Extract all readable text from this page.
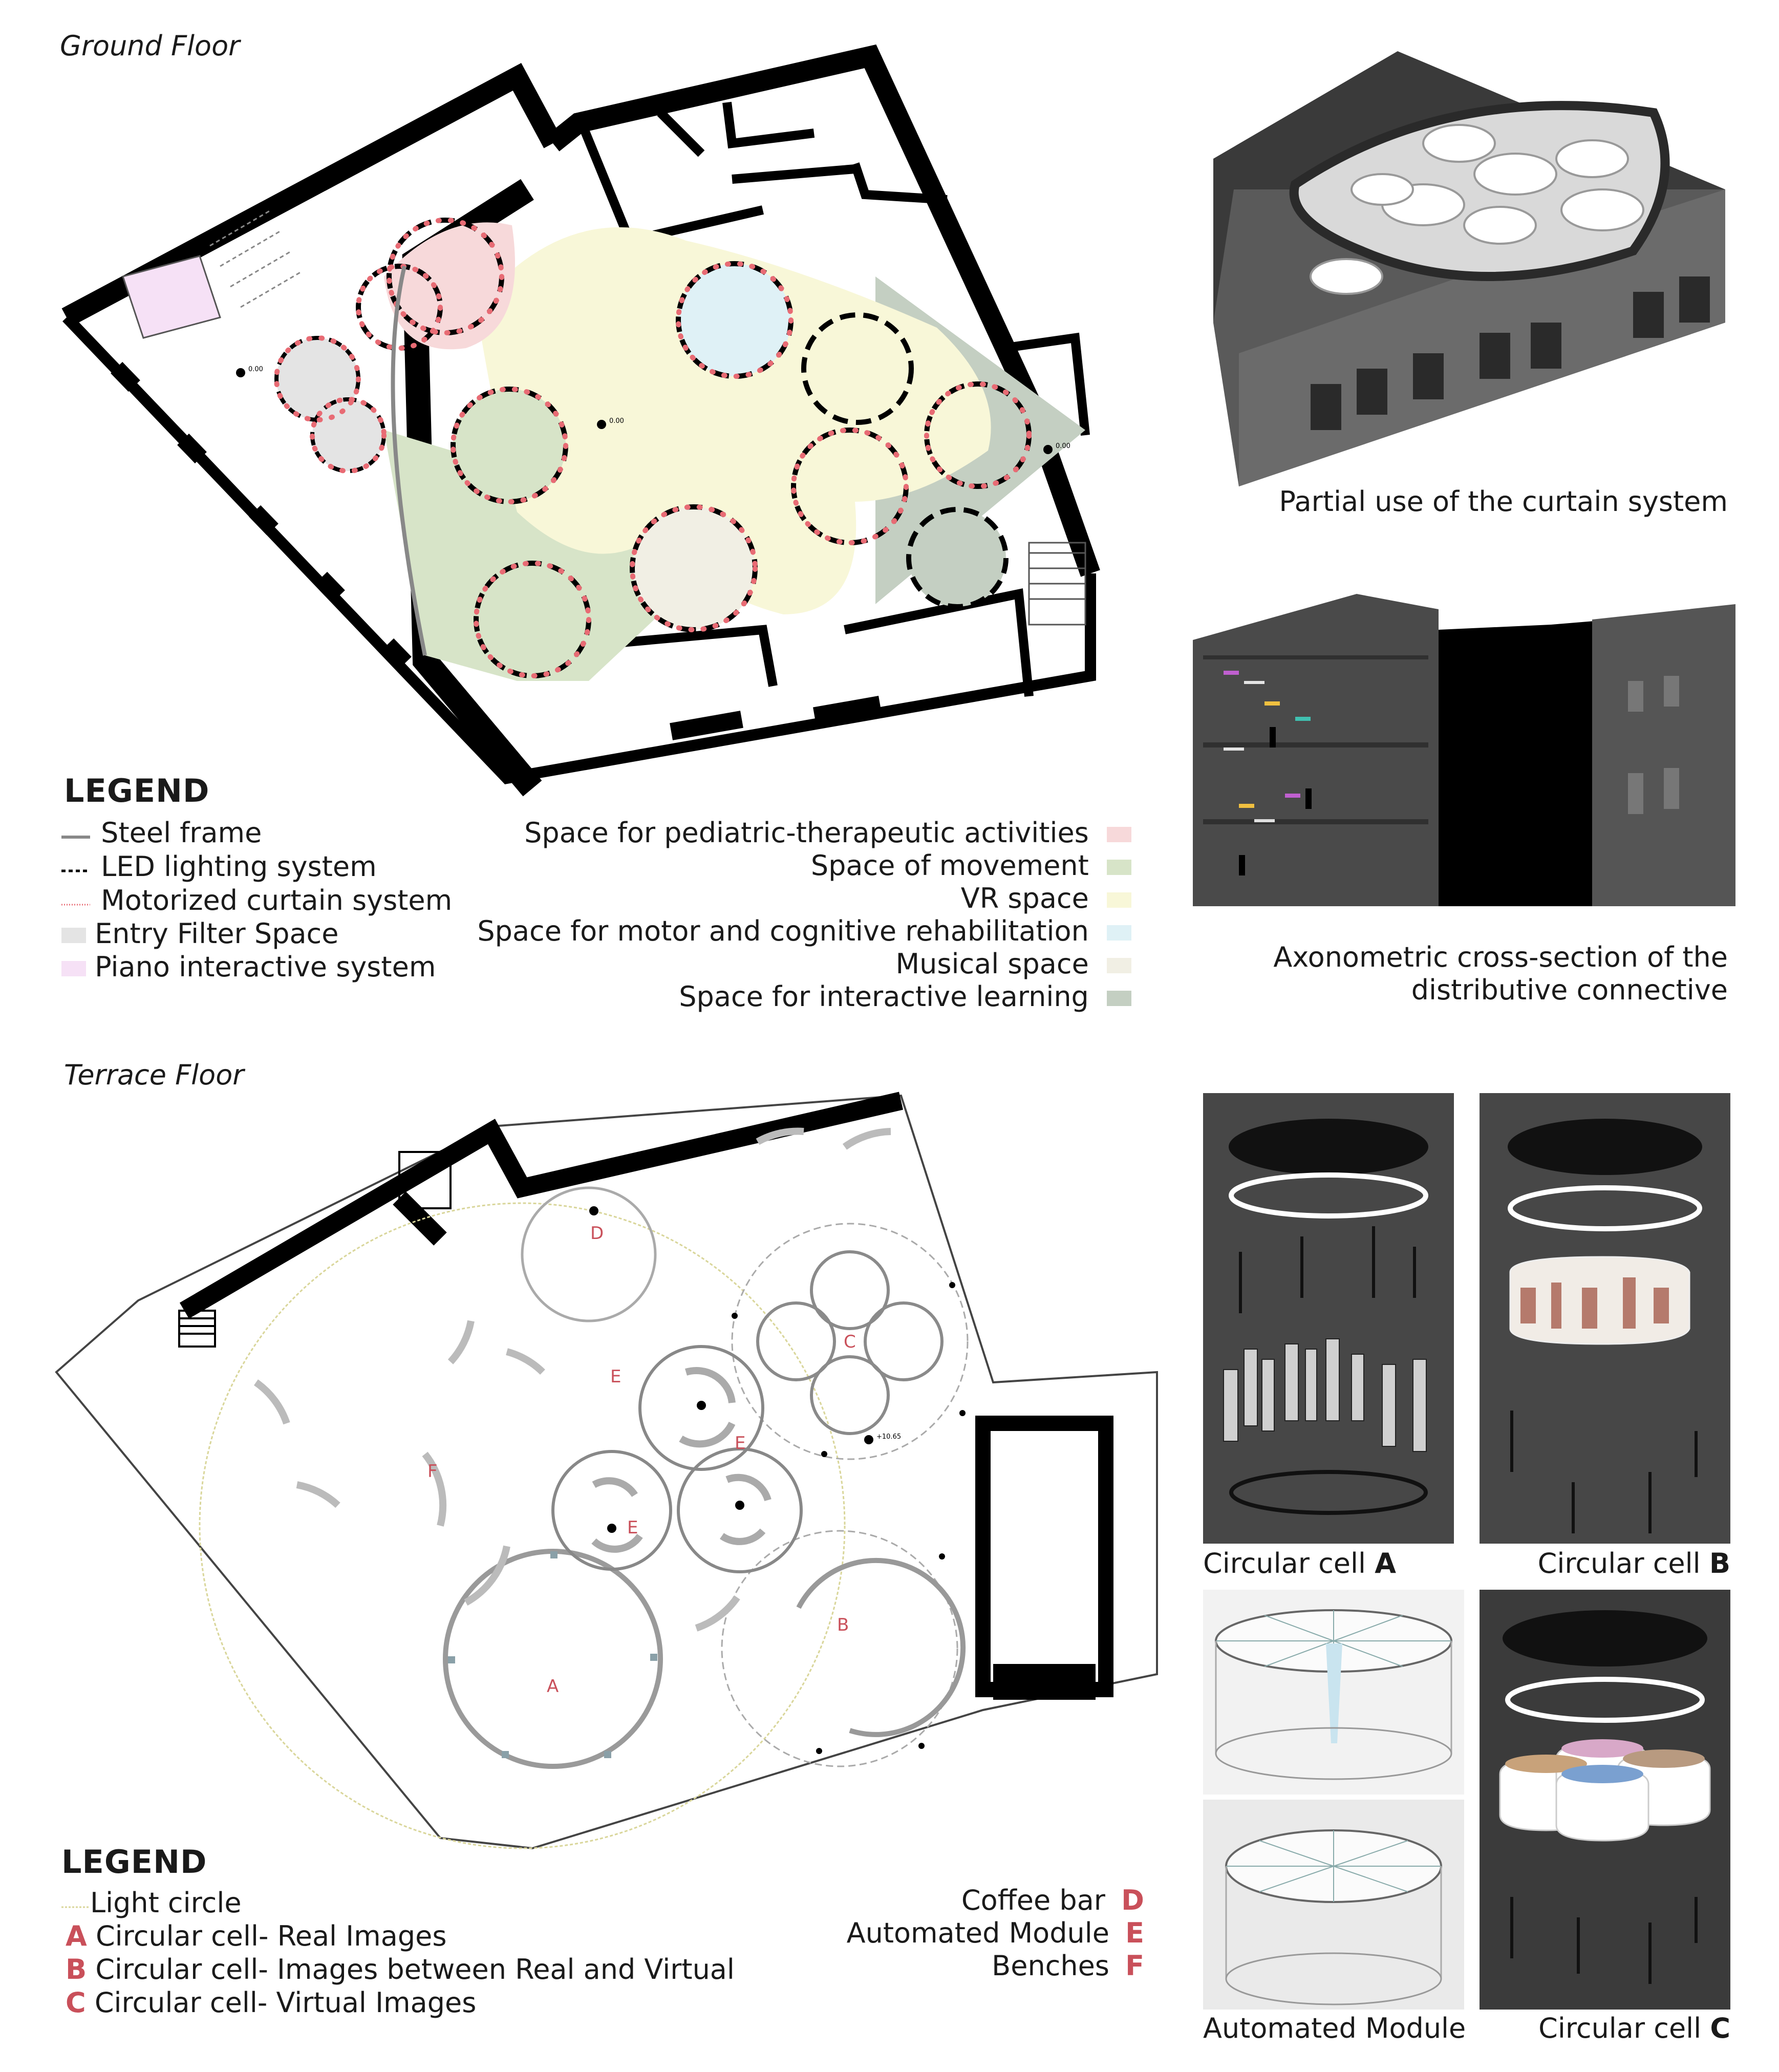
Ground Floor
0.00
0.00
0.00
LEGEND
Steel frame
LED lighting system
Motorized curtain system
Entry Filter Space
Piano interactive system
Space for pediatric-therapeutic activities
Space of movement
VR space
Space for motor and cognitive rehabilitation
Musical space
Space for interactive learning
Partial use of the curtain system
Axonometric cross-section of the distributive connective
Terrace Floor
+10.65
A
B
C
D
E
E
E
F
LEGEND
Light circle
A Circular cell- Real Images
B Circular cell- Images between Real and Virtual
C Circular cell- Virtual Images
Coffee bar D
Automated Module E
Benches F
Circular cell A	Circular cell B
Automated Module	Circular cell C
